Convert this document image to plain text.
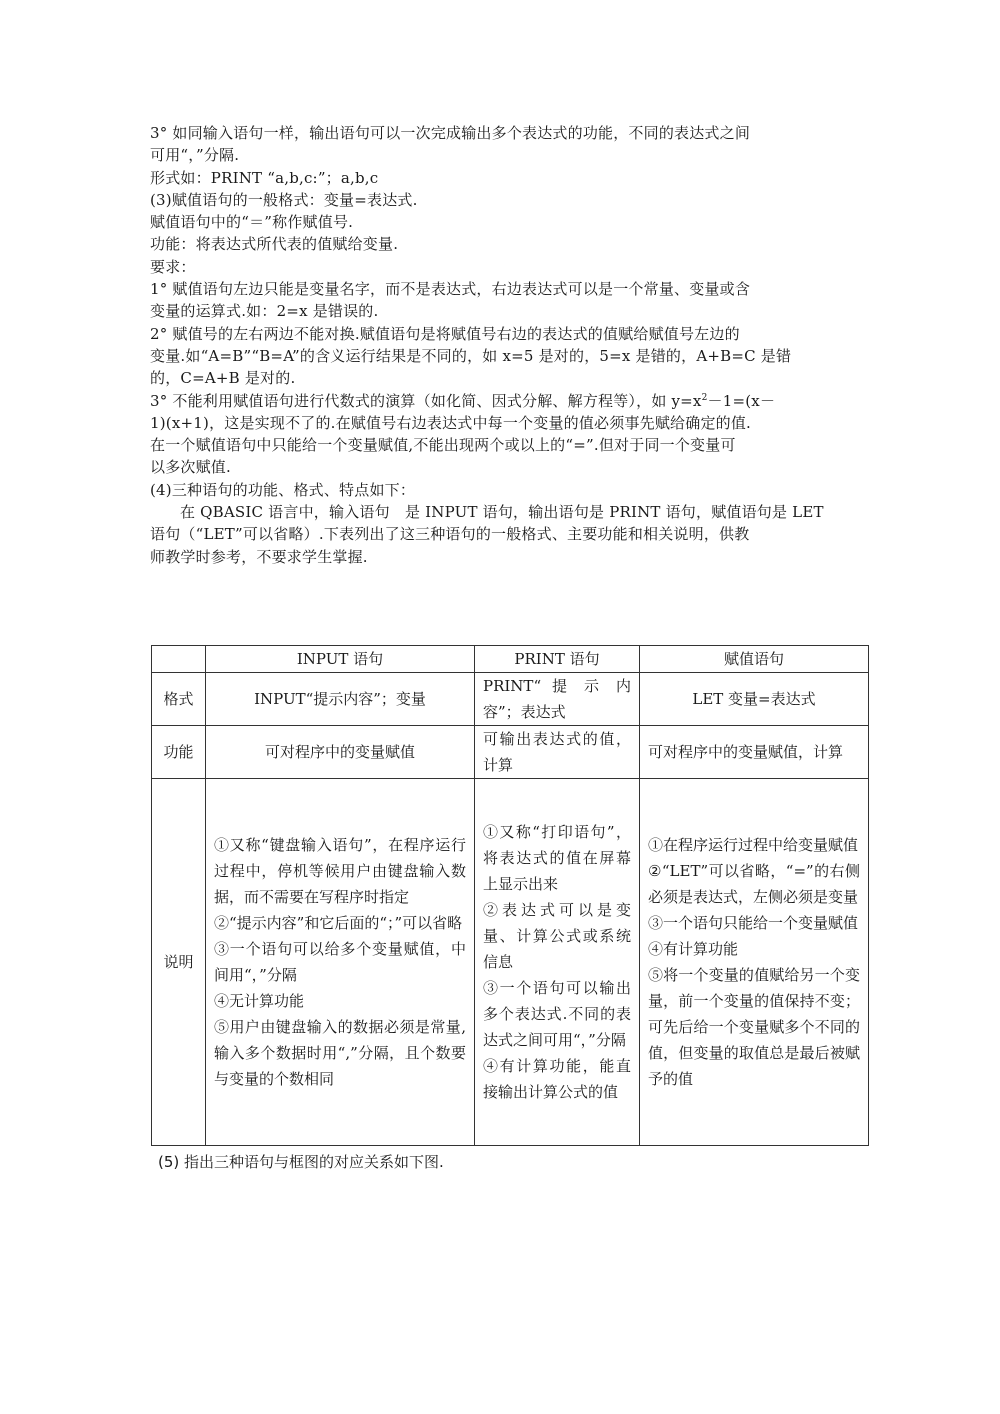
3° 如同输入语句一样，输出语句可以一次完成输出多个表达式的功能，不同的表达式之间
可用“，”分隔.
形式如：PRINT “a,b,c:”；a,b,c
(3)赋值语句的一般格式：变量=表达式.
赋值语句中的“＝”称作赋值号.
功能：将表达式所代表的值赋给变量.
要求：
1° 赋值语句左边只能是变量名字，而不是表达式，右边表达式可以是一个常量、变量或含
变量的运算式.如：2=x 是错误的.
2° 赋值号的左右两边不能对换.赋值语句是将赋值号右边的表达式的值赋给赋值号左边的
变量.如“A=B”“B=A”的含义运行结果是不同的，如 x=5 是对的，5=x 是错的，A+B=C 是错
的，C=A+B 是对的.
3° 不能利用赋值语句进行代数式的演算（如化简、因式分解、解方程等），如 $y=x^2-1=(x-$
1)(x+1)，这是实现不了的.在赋值号右边表达式中每一个变量的值必须事先赋给确定的值.
在一个赋值语句中只能给一个变量赋值,不能出现两个或以上的“=”.但对于同一个变量可
以多次赋值.
(4)三种语句的功能、格式、特点如下：
在 QBASIC 语言中，输入语句　是 INPUT 语句，输出语句是 PRINT 语句，赋值语句是 LET
语句（“LET”可以省略）.下表列出了这三种语句的一般格式、主要功能和相关说明，供教
师教学时参考，不要求学生掌握.
	INPUT 语句	PRINT 语句	赋值语句
格式	INPUT“提示内容”；变量	PRINT“ 提 示 内容”；表达式	LET 变量=表达式
功能	可对程序中的变量赋值	可输出表达式的值，计算	可对程序中的变量赋值，计算
说明	①又称“键盘输入语句”，在程序运行过程中，停机等候用户由键盘输入数据，而不需要在写程序时指定
②“提示内容”和它后面的“；”可以省略
③一个语句可以给多个变量赋值，中间用“，”分隔
④无计算功能
⑤用户由键盘输入的数据必须是常量,输入多个数据时用“,”分隔，且个数要与变量的个数相同	①又称“打印语句”，将表达式的值在屏幕上显示出来
②表达式可以是变量、计算公式或系统信息
③一个语句可以输出多个表达式.不同的表达式之间可用“，”分隔
④有计算功能，能直接输出计算公式的值	①在程序运行过程中给变量赋值
②“LET”可以省略，“=”的右侧必须是表达式，左侧必须是变量
③一个语句只能给一个变量赋值
④有计算功能
⑤将一个变量的值赋给另一个变量，前一个变量的值保持不变；可先后给一个变量赋多个不同的值，但变量的取值总是最后被赋予的值
(5) 指出三种语句与框图的对应关系如下图.
